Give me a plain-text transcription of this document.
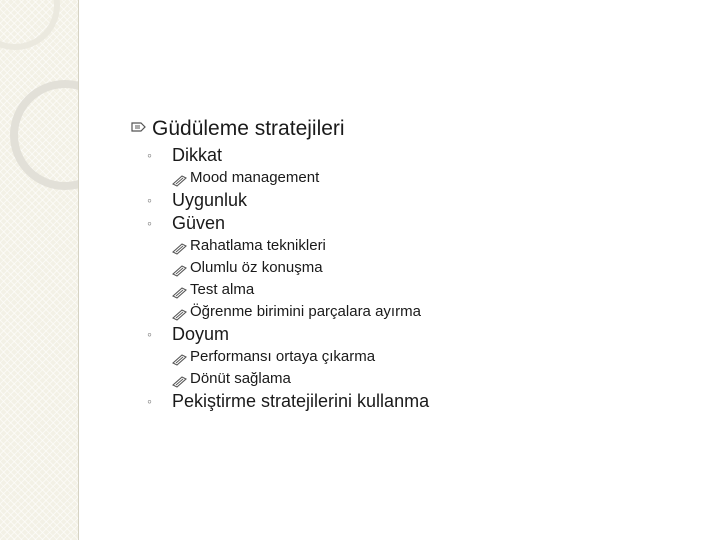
Güdüleme stratejileri
◦ Dikkat
Mood management
◦ Uygunluk
◦ Güven
Rahatlama teknikleri
Olumlu öz konuşma
Test alma
Öğrenme birimini parçalara ayırma
◦ Doyum
Performansı ortaya çıkarma
Dönüt sağlama
◦ Pekiştirme stratejilerini kullanma
